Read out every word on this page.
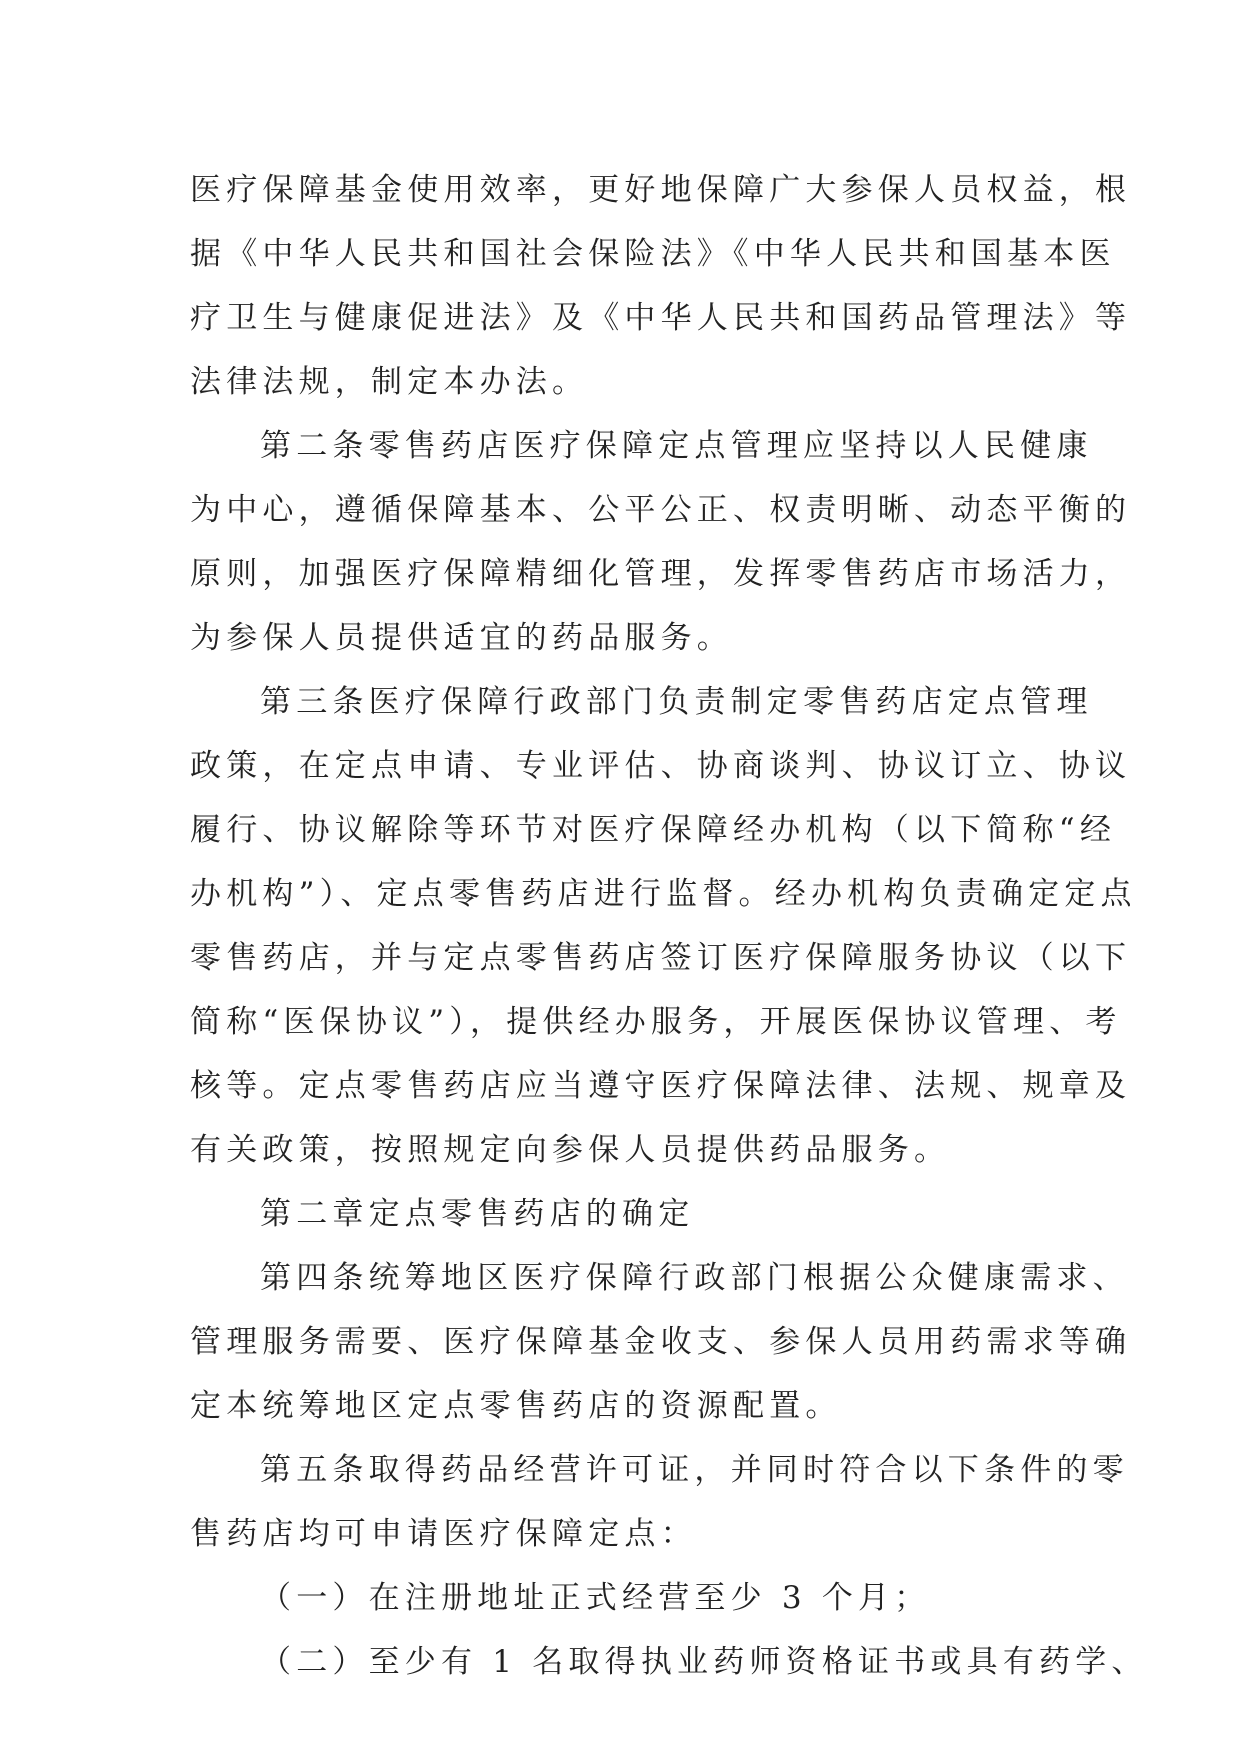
医疗保障基金使用效率，更好地保障广大参保人员权益，根
据《中华人民共和国社会保险法》《中华人民共和国基本医
疗卫生与健康促进法》及《中华人民共和国药品管理法》等
法律法规，制定本办法。
第二条零售药店医疗保障定点管理应坚持以人民健康
为中心，遵循保障基本、公平公正、权责明晰、动态平衡的
原则，加强医疗保障精细化管理，发挥零售药店市场活力，
为参保人员提供适宜的药品服务。
第三条医疗保障行政部门负责制定零售药店定点管理
政策，在定点申请、专业评估、协商谈判、协议订立、协议
履行、协议解除等环节对医疗保障经办机构（以下简称“经
办机构”）、定点零售药店进行监督。经办机构负责确定定点
零售药店，并与定点零售药店签订医疗保障服务协议（以下
简称“医保协议”），提供经办服务，开展医保协议管理、考
核等。定点零售药店应当遵守医疗保障法律、法规、规章及
有关政策，按照规定向参保人员提供药品服务。
第二章定点零售药店的确定
第四条统筹地区医疗保障行政部门根据公众健康需求、
管理服务需要、医疗保障基金收支、参保人员用药需求等确
定本统筹地区定点零售药店的资源配置。
第五条取得药品经营许可证，并同时符合以下条件的零
售药店均可申请医疗保障定点：
（一）在注册地址正式经营至少 3 个月；
（二）至少有 1 名取得执业药师资格证书或具有药学、
